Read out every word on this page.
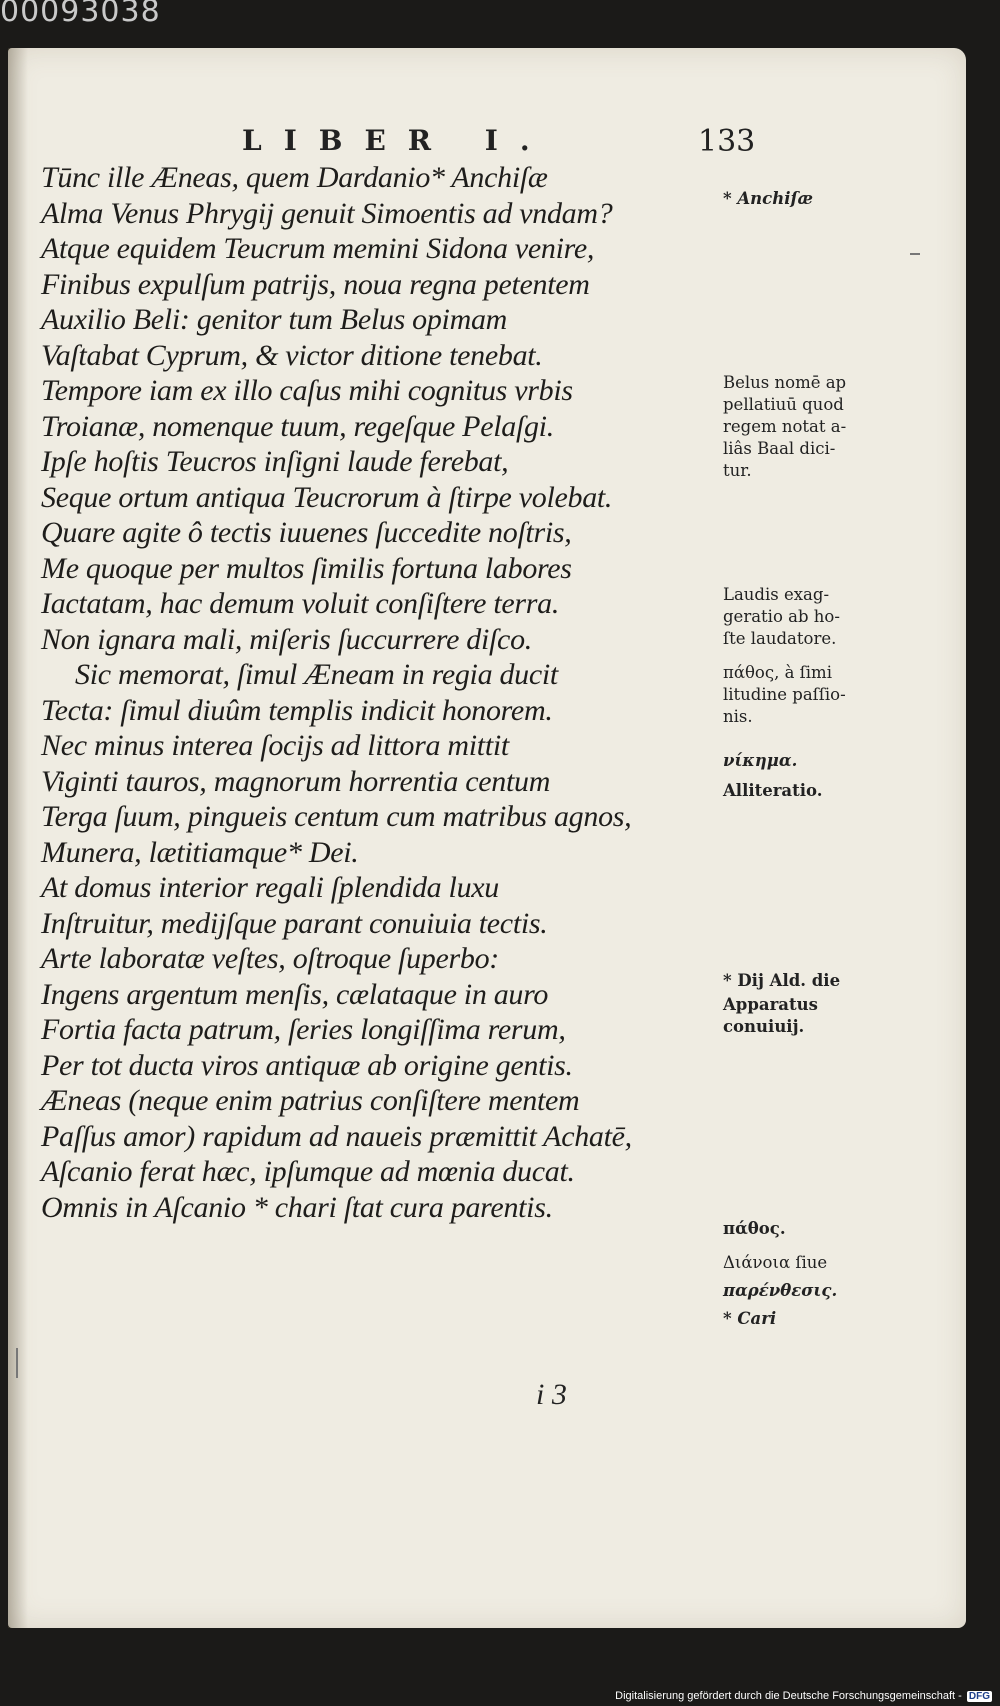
00093038
LIBER I.	133
Tūnc ille Æneas, quem Dardanio* Anchiſæ
Alma Venus Phrygij genuit Simoentis ad vndam?
Atque equidem Teucrum memini Sidona venire,
Finibus expulſum patrijs, noua regna petentem
Auxilio Beli: genitor tum Belus opimam
Vaſtabat Cyprum, & victor ditione tenebat.
Tempore iam ex illo caſus mihi cognitus vrbis
Troianæ, nomenque tuum, regeſque Pelaſgi.
Ipſe hoſtis Teucros inſigni laude ferebat,
Seque ortum antiqua Teucrorum à ſtirpe volebat.
Quare agite ô tectis iuuenes ſuccedite noſtris,
Me quoque per multos ſimilis fortuna labores
Iactatam, hac demum voluit conſiſtere terra.
Non ignara mali, miſeris ſuccurrere diſco.
Sic memorat, ſimul Æneam in regia ducit
Tecta: ſimul diuûm templis indicit honorem.
Nec minus interea ſocijs ad littora mittit
Viginti tauros, magnorum horrentia centum
Terga ſuum, pingueis centum cum matribus agnos,
Munera, lætitiamque* Dei.
At domus interior regali ſplendida luxu
Inſtruitur, medijſque parant conuiuia tectis.
Arte laboratæ veſtes, oſtroque ſuperbo:
Ingens argentum menſis, cælataque in auro
Fortia facta patrum, ſeries longiſſima rerum,
Per tot ducta viros antiquæ ab origine gentis.
Æneas (neque enim patrius conſiſtere mentem
Paſſus amor) rapidum ad naueis præmittit Achatē,
Aſcanio ferat hæc, ipſumque ad mœnia ducat.
Omnis in Aſcanio * chari ſtat cura parentis.
* Anchiſæ
Belus nomē ap
pellatiuū quod
regem notat a-
liâs Baal dici-
tur.
Laudis exag-
geratio ab ho-
ſte laudatore.
πάθος, à ſimi
litudine paſſio-
nis.
νίκημα.
Alliteratio.
* Dij Ald. die
Apparatus
conuiuij.
πάθος.
Διάνοια ſiue
παρένθεσις.
* Cari
i 3
Digitalisierung gefördert durch die Deutsche Forschungsgemeinschaft - DFG
